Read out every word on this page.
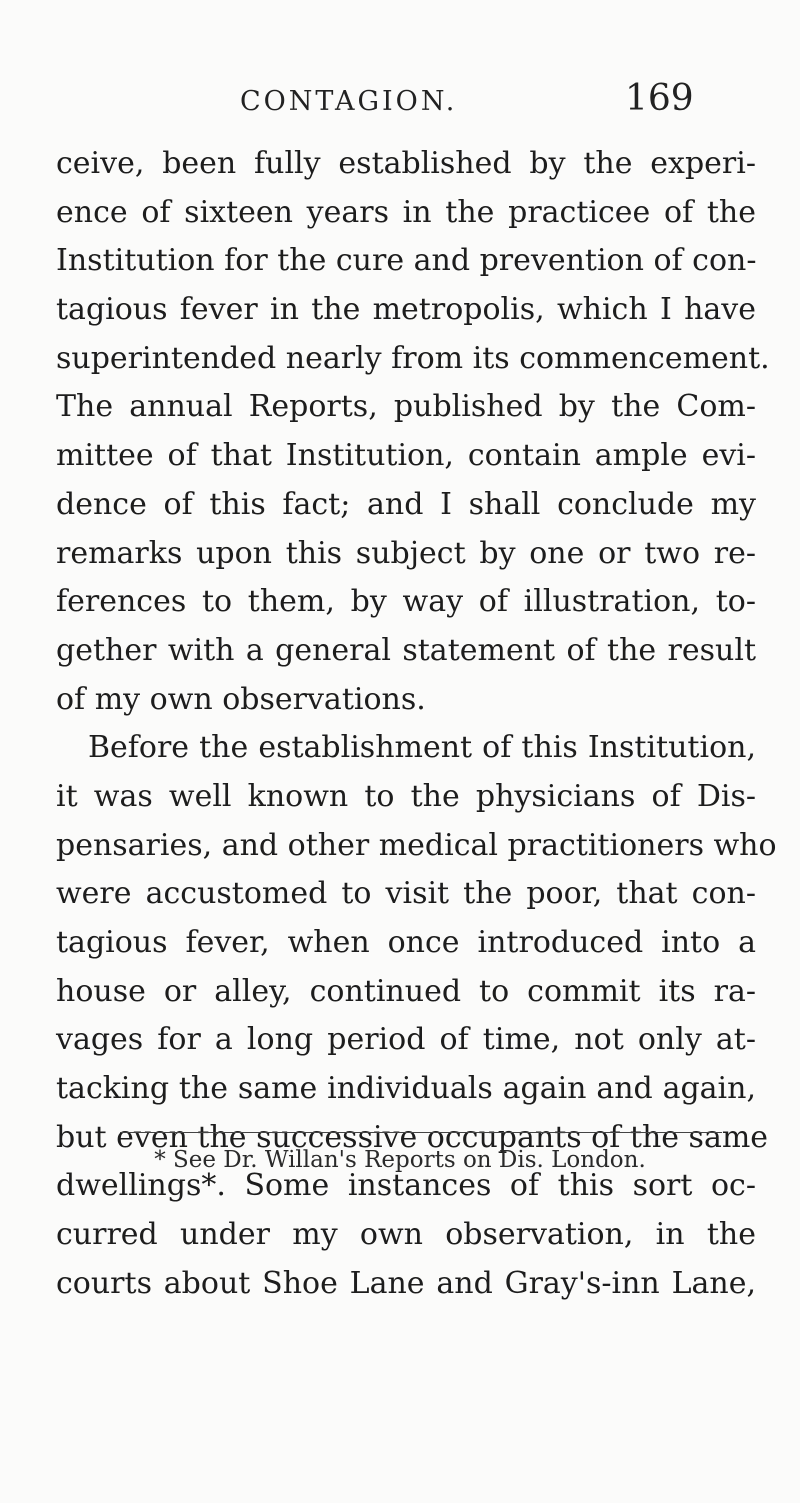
CONTAGION.	169
ceive, been fully established by the experi-
ence of sixteen years in the practicee of the
Institution for the cure and prevention of con-
tagious fever in the metropolis, which I have
superintended nearly from its commencement.
The annual Reports, published by the Com-
mittee of that Institution, contain ample evi-
dence of this fact; and I shall conclude my
remarks upon this subject by one or two re-
ferences to them, by way of illustration, to-
gether with a general statement of the result
of my own observations.
Before the establishment of this Institution,
it was well known to the physicians of Dis-
pensaries, and other medical practitioners who
were accustomed to visit the poor, that con-
tagious fever, when once introduced into a
house or alley, continued to commit its ra-
vages for a long period of time, not only at-
tacking the same individuals again and again,
but even the successive occupants of the same
dwellings*. Some instances of this sort oc-
curred under my own observation, in the
courts about Shoe Lane and Gray's-inn Lane,
* See Dr. Willan's Reports on Dis. London.
